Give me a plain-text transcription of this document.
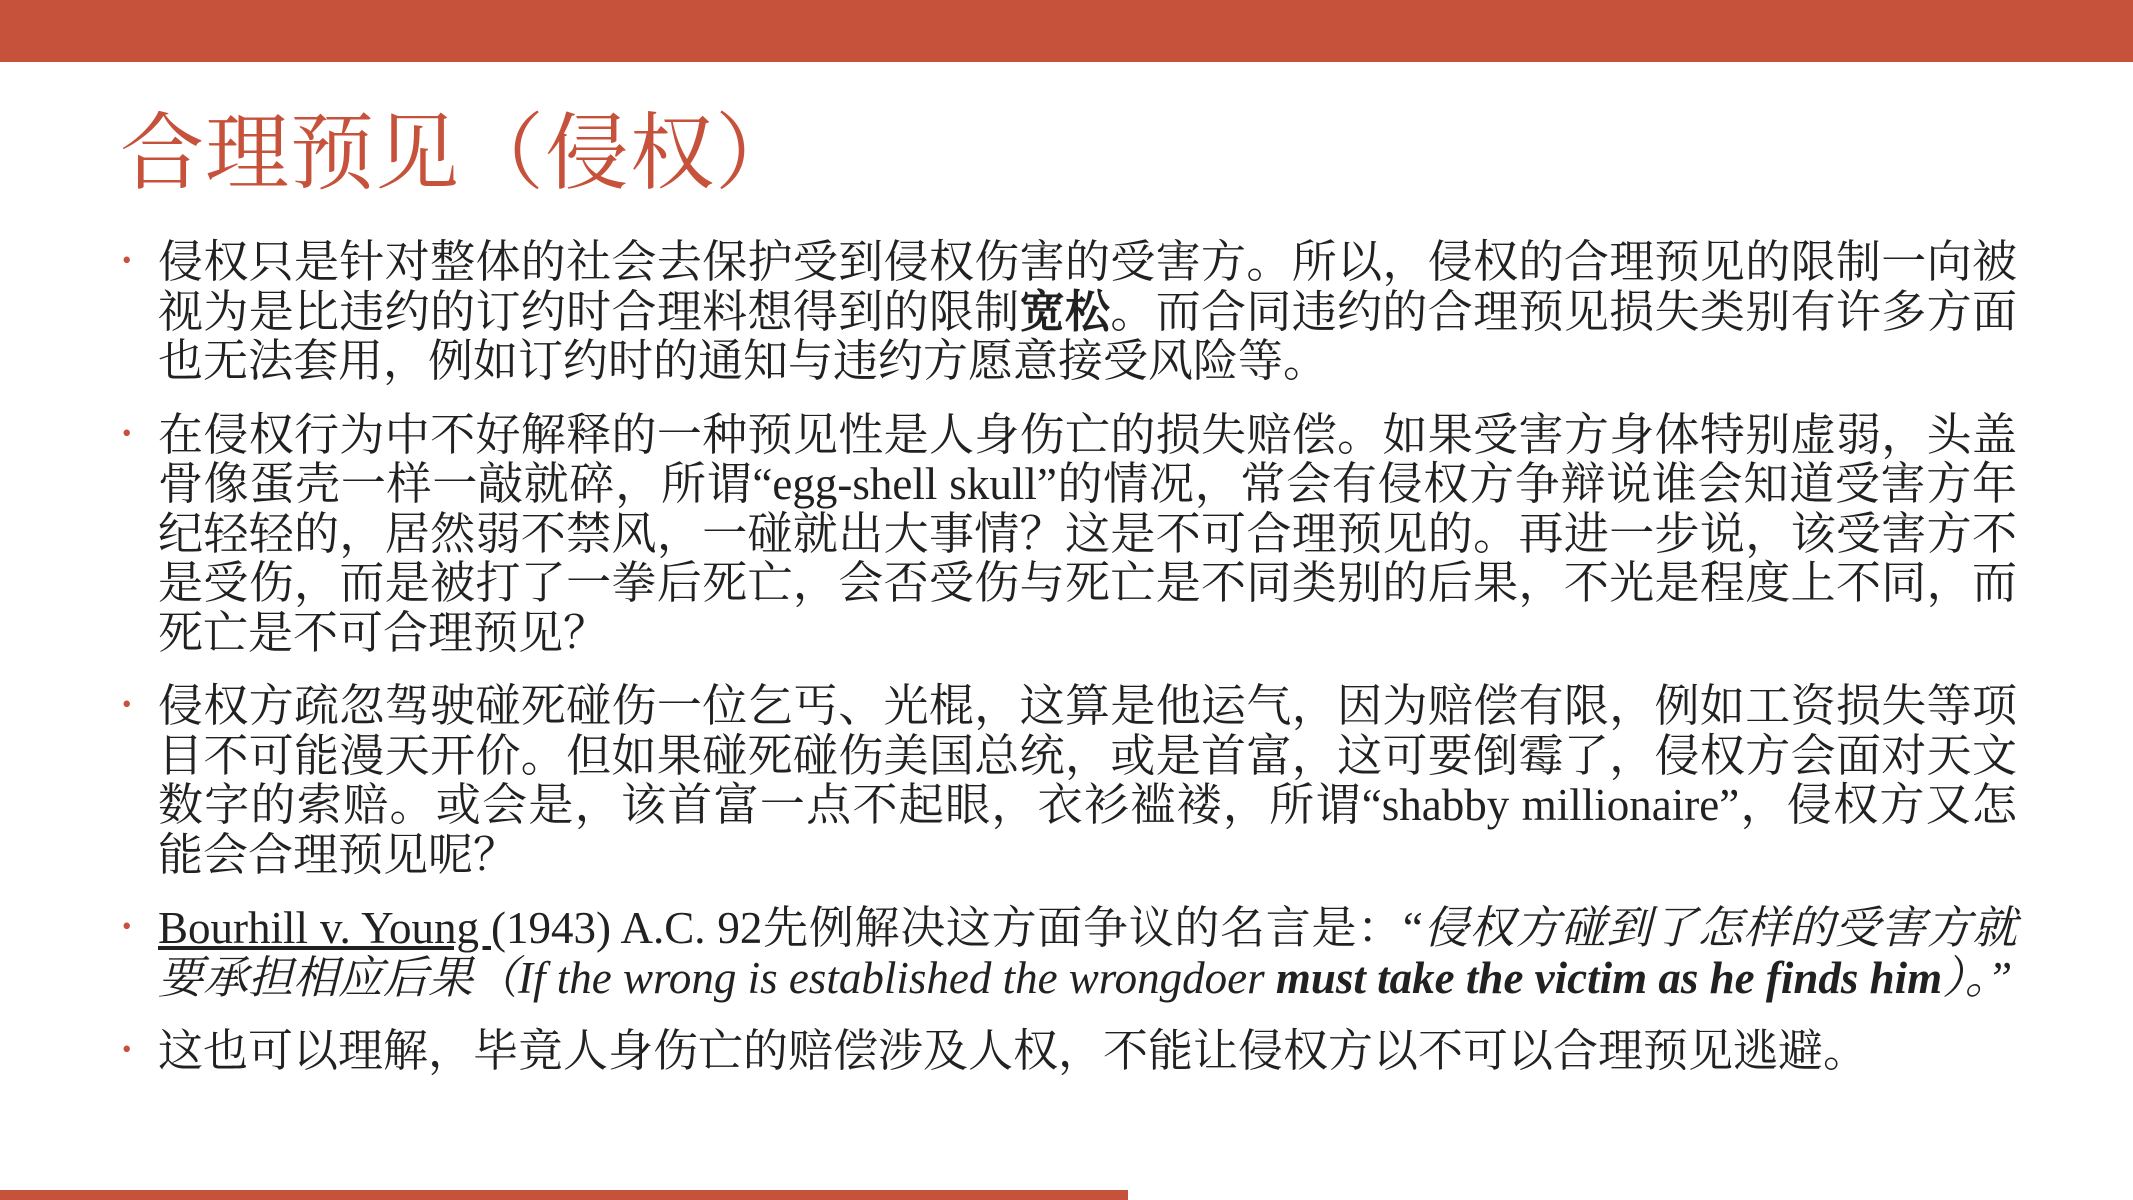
合理预见（侵权）
• 侵权只是针对整体的社会去保护受到侵权伤害的受害方。所以，侵权的合理预见的限制一向被视为是比违约的订约时合理料想得到的限制宽松。而合同违约的合理预见损失类别有许多方面也无法套用，例如订约时的通知与违约方愿意接受风险等。
• 在侵权行为中不好解释的一种预见性是人身伤亡的损失赔偿。如果受害方身体特别虚弱，头盖骨像蛋壳一样一敲就碎，所谓“egg-shell skull”的情况，常会有侵权方争辩说谁会知道受害方年纪轻轻的，居然弱不禁风，一碰就出大事情？这是不可合理预见的。再进一步说，该受害方不是受伤，而是被打了一拳后死亡，会否受伤与死亡是不同类别的后果，不光是程度上不同，而死亡是不可合理预见？
• 侵权方疏忽驾驶碰死碰伤一位乞丐、光棍，这算是他运气，因为赔偿有限，例如工资损失等项目不可能漫天开价。但如果碰死碰伤美国总统，或是首富，这可要倒霉了，侵权方会面对天文数字的索赔。或会是，该首富一点不起眼，衣衫褴褛，所谓“shabby millionaire”，侵权方又怎能会合理预见呢？
• Bourhill v. Young (1943) A.C. 92先例解决这方面争议的名言是：“侵权方碰到了怎样的受害方就要承担相应后果（If the wrong is established the wrongdoer must take the victim as he finds him）。”
• 这也可以理解，毕竟人身伤亡的赔偿涉及人权，不能让侵权方以不可以合理预见逃避。
